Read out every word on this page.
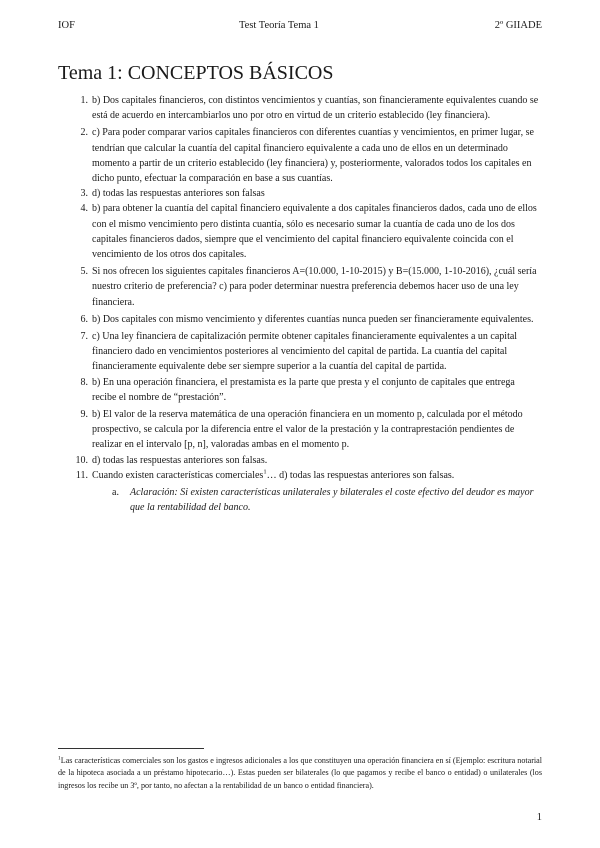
IOF	Test Teoría Tema 1	2º GIIADE
Tema 1: CONCEPTOS BÁSICOS
1. b) Dos capitales financieros, con distintos vencimientos y cuantías, son financieramente equivalentes cuando se está de acuerdo en intercambiarlos uno por otro en virtud de un criterio establecido (ley financiera).
2. c) Para poder comparar varios capitales financieros con diferentes cuantías y vencimientos, en primer lugar, se tendrían que calcular la cuantía del capital financiero equivalente a cada uno de ellos en un determinado momento a partir de un criterio establecido (ley financiera) y, posteriormente, valorados todos los capitales en dicho punto, efectuar la comparación en base a sus cuantías.
3. d) todas las respuestas anteriores son falsas
4. b) para obtener la cuantía del capital financiero equivalente a dos capitales financieros dados, cada uno de ellos con el mismo vencimiento pero distinta cuantía, sólo es necesario sumar la cuantía de cada uno de los dos capitales financieros dados, siempre que el vencimiento del capital financiero equivalente coincida con el vencimiento de los otros dos capitales.
5. Si nos ofrecen los siguientes capitales financieros A=(10.000, 1-10-2015) y B=(15.000, 1-10-2016), ¿cuál sería nuestro criterio de preferencia? c) para poder determinar nuestra preferencia debemos hacer uso de una ley financiera.
6. b) Dos capitales con mismo vencimiento y diferentes cuantías nunca pueden ser financieramente equivalentes.
7. c) Una ley financiera de capitalización permite obtener capitales financieramente equivalentes a un capital financiero dado en vencimientos posteriores al vencimiento del capital de partida. La cuantía del capital financieramente equivalente debe ser siempre superior a la cuantía del capital de partida.
8. b) En una operación financiera, el prestamista es la parte que presta y el conjunto de capitales que entrega recibe el nombre de “prestación”.
9. b) El valor de la reserva matemática de una operación financiera en un momento p, calculada por el método prospectivo, se calcula por la diferencia entre el valor de la prestación y la contraprestación pendientes de realizar en el intervalo [p, n], valoradas ambas en el momento p.
10. d) todas las respuestas anteriores son falsas.
11. Cuando existen características comerciales$^1$… d) todas las respuestas anteriores son falsas.
a. Aclaración: Si existen características unilaterales y bilaterales el coste efectivo del deudor es mayor que la rentabilidad del banco.
$^1$Las características comerciales son los gastos e ingresos adicionales a los que constituyen una operación financiera en sí (Ejemplo: escritura notarial de la hipoteca asociada a un préstamo hipotecario…). Estas pueden ser bilaterales (lo que pagamos y recibe el banco o entidad) o unilaterales (los ingresos los recibe un 3º, por tanto, no afectan a la rentabilidad de un banco o entidad financiera).
1
